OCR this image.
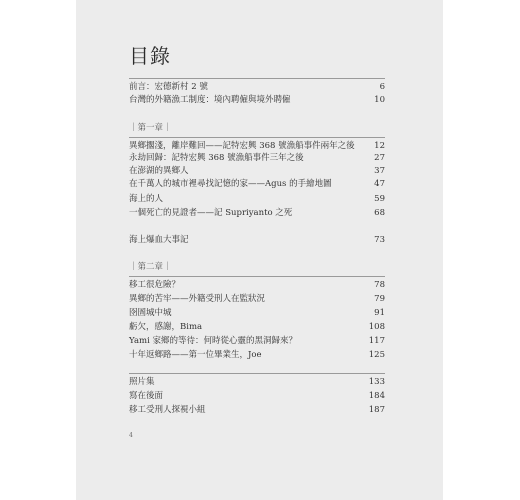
目錄
前言：宏德新村 2 號	6
台灣的外籍漁工制度：境內聘僱與境外聘僱	10
｜第一章｜
異鄉擱淺，離岸難回——記特宏興 368 號漁船事件兩年之後 12
永劫回歸：記特宏興 368 號漁船事件三年之後	27
在澎湖的異鄉人	37
在千萬人的城市裡尋找記憶的家——Agus 的手繪地圖	47
海上的人	59
一個死亡的見證者——記 Supriyanto 之死	68
海上爆血大事記	73
｜第二章｜
移工很危險？	78
異鄉的苦牢——外籍受刑人在監狀況	79
囹圄城中城	91
虧欠，感謝，Bima	108
Yami 家鄉的等待：何時從心靈的黑洞歸來？	117
十年返鄉路——第一位畢業生，Joe	125
照片集	133
寫在後面	184
移工受刑人探視小組	187
4
